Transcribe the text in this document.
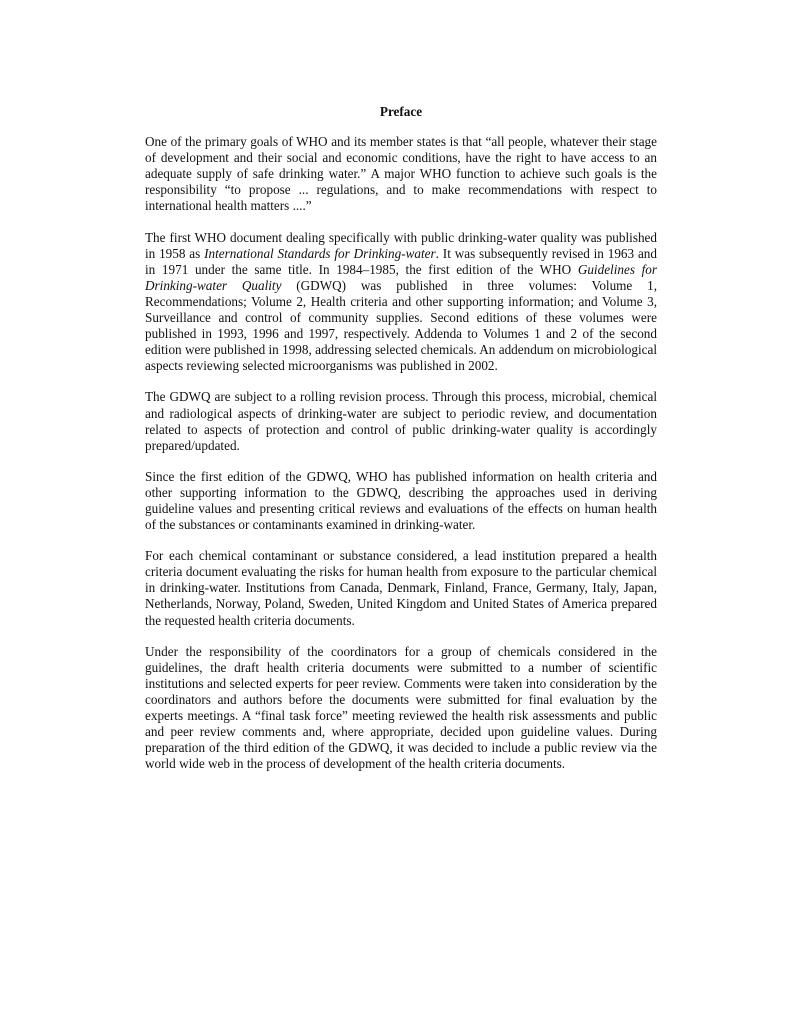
Preface

One of the primary goals of WHO and its member states is that “all people, whatever their stage of development and their social and economic conditions, have the right to have access to an adequate supply of safe drinking water.” A major WHO function to achieve such goals is the responsibility “to propose ... regulations, and to make recommendations with respect to international health matters ....”

The first WHO document dealing specifically with public drinking-water quality was published in 1958 as International Standards for Drinking-water. It was subsequently revised in 1963 and in 1971 under the same title. In 1984–1985, the first edition of the WHO Guidelines for Drinking-water Quality (GDWQ) was published in three volumes: Volume 1, Recommendations; Volume 2, Health criteria and other supporting information; and Volume 3, Surveillance and control of community supplies. Second editions of these volumes were published in 1993, 1996 and 1997, respectively. Addenda to Volumes 1 and 2 of the second edition were published in 1998, addressing selected chemicals. An addendum on microbiological aspects reviewing selected microorganisms was published in 2002.

The GDWQ are subject to a rolling revision process. Through this process, microbial, chemical and radiological aspects of drinking-water are subject to periodic review, and documentation related to aspects of protection and control of public drinking-water quality is accordingly prepared/updated.

Since the first edition of the GDWQ, WHO has published information on health criteria and other supporting information to the GDWQ, describing the approaches used in deriving guideline values and presenting critical reviews and evaluations of the effects on human health of the substances or contaminants examined in drinking-water.

For each chemical contaminant or substance considered, a lead institution prepared a health criteria document evaluating the risks for human health from exposure to the particular chemical in drinking-water. Institutions from Canada, Denmark, Finland, France, Germany, Italy, Japan, Netherlands, Norway, Poland, Sweden, United Kingdom and United States of America prepared the requested health criteria documents.

Under the responsibility of the coordinators for a group of chemicals considered in the guidelines, the draft health criteria documents were submitted to a number of scientific institutions and selected experts for peer review. Comments were taken into consideration by the coordinators and authors before the documents were submitted for final evaluation by the experts meetings. A “final task force” meeting reviewed the health risk assessments and public and peer review comments and, where appropriate, decided upon guideline values. During preparation of the third edition of the GDWQ, it was decided to include a public review via the world wide web in the process of development of the health criteria documents.
